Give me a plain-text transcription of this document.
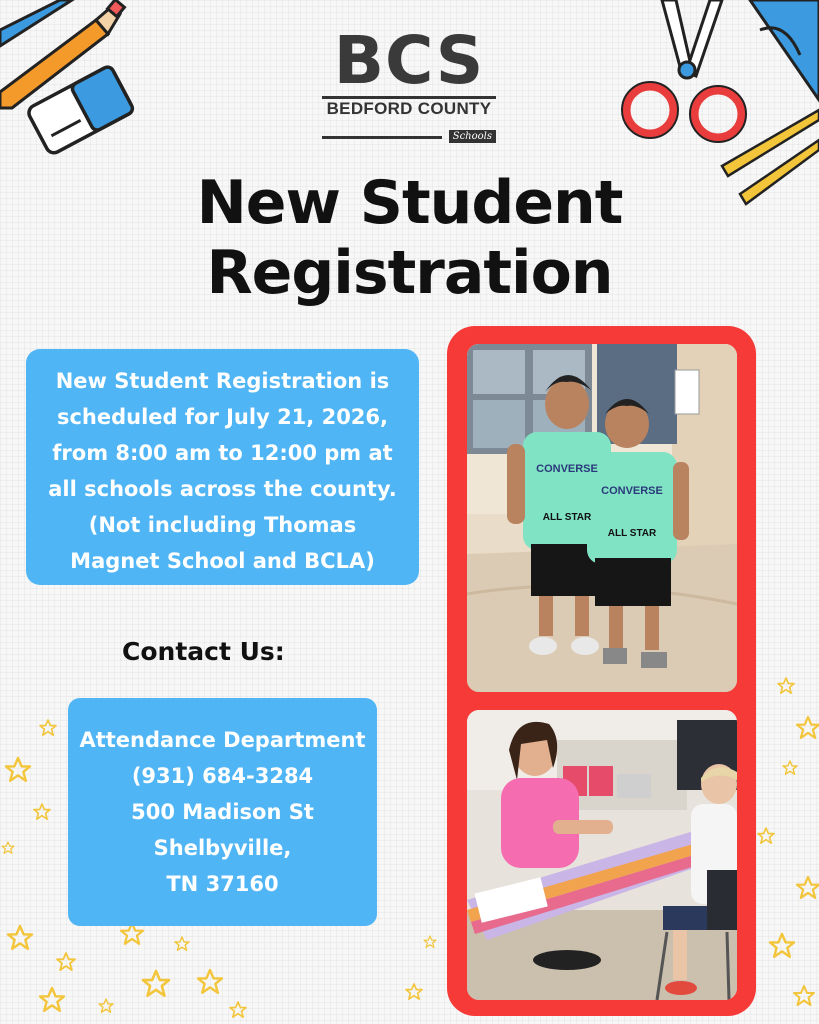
BCS
BEDFORD COUNTY
Schools
New Student
Registration
New Student Registration is
scheduled for July 21, 2026,
from 8:00 am to 12:00 pm at
all schools across the county.
(Not including Thomas
Magnet School and BCLA)
Contact Us:
Attendance Department
(931) 684-3284
500 Madison St
Shelbyville,
TN 37160
CONVERSE
ALL STAR
CONVERSE
ALL STAR
